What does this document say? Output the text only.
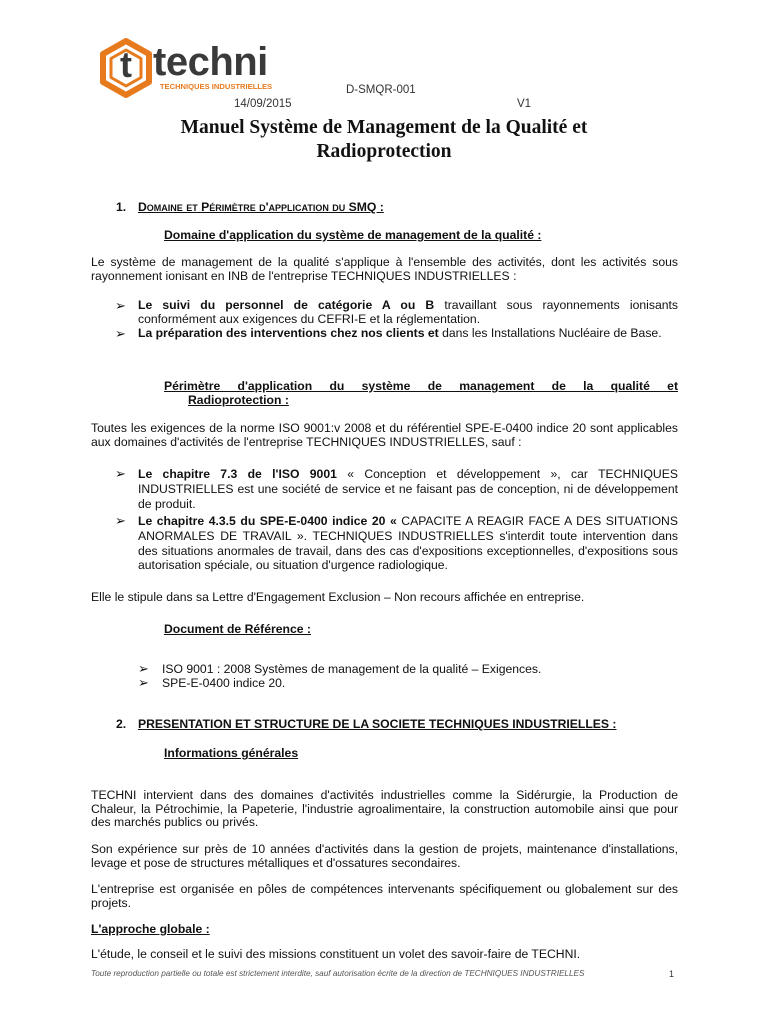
t techni
TECHNIQUES INDUSTRIELLES	D-SMQR-001
14/09/2015	V1
Manuel Système de Management de la Qualité et
Radioprotection
1. Domaine et Périmètre d'application du SMQ :
Domaine d'application du système de management de la qualité :
Le système de management de la qualité s'applique à l'ensemble des activités, dont les activités sous rayonnement ionisant en INB de l'entreprise TECHNIQUES INDUSTRIELLES :
➢ Le suivi du personnel de catégorie A ou B travaillant sous rayonnements ionisants conformément aux exigences du CEFRI-E et la réglementation.
➢ La préparation des interventions chez nos clients et dans les Installations Nucléaire de Base.
Périmètre d'application du système de management de la qualité et
Radioprotection :
Toutes les exigences de la norme ISO 9001:v 2008 et du référentiel SPE-E-0400 indice 20 sont applicables aux domaines d'activités de l'entreprise TECHNIQUES INDUSTRIELLES, sauf :
➢ Le chapitre 7.3 de l'ISO 9001 « Conception et développement », car TECHNIQUES INDUSTRIELLES est une société de service et ne faisant pas de conception, ni de développement de produit.
➢ Le chapitre 4.3.5 du SPE-E-0400 indice 20 « CAPACITE A REAGIR FACE A DES SITUATIONS ANORMALES DE TRAVAIL ». TECHNIQUES INDUSTRIELLES s'interdit toute intervention dans des situations anormales de travail, dans des cas d'expositions exceptionnelles, d'expositions sous autorisation spéciale, ou situation d'urgence radiologique.
Elle le stipule dans sa Lettre d'Engagement Exclusion – Non recours affichée en entreprise.
Document de Référence :
➢ ISO 9001 : 2008 Systèmes de management de la qualité – Exigences.
➢ SPE-E-0400 indice 20.
2. PRESENTATION ET STRUCTURE DE LA SOCIETE TECHNIQUES INDUSTRIELLES :
Informations générales
TECHNI intervient dans des domaines d'activités industrielles comme la Sidérurgie, la Production de Chaleur, la Pétrochimie, la Papeterie, l'industrie agroalimentaire, la construction automobile ainsi que pour des marchés publics ou privés.
Son expérience sur près de 10 années d'activités dans la gestion de projets, maintenance d'installations, levage et pose de structures métalliques et d'ossatures secondaires.
L'entreprise est organisée en pôles de compétences intervenants spécifiquement ou globalement sur des projets.
L'approche globale :
L'étude, le conseil et le suivi des missions constituent un volet des savoir-faire de TECHNI.
Toute reproduction partielle ou totale est strictement interdite, sauf autorisation écrite de la direction de TECHNIQUES INDUSTRIELLES	1
